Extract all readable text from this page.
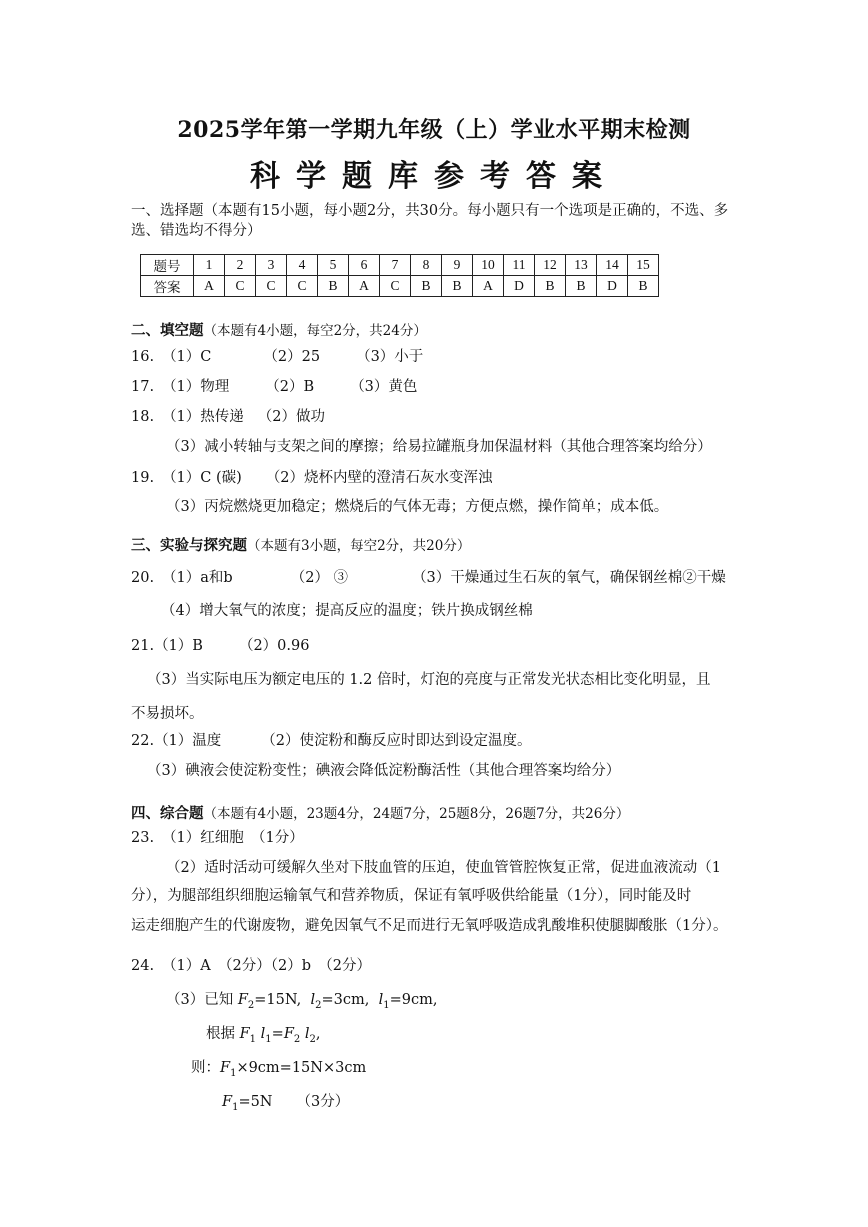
2025学年第一学期九年级（上）学业水平期末检测
科学题库参考答案
一、选择题（本题有15小题，每小题2分，共30分。每小题只有一个选项是正确的，不选、多
选、错选均不得分）
题号	1	2	3	4	5	6	7	8	9	10	11	12	13	14	15
答案	A	C	C	C	B	A	C	B	B	A	D	B	B	D	B
二、填空题（本题有4小题，每空2分，共24分）
16. （1）C	（2）25 （3）小于
17. （1）物理 （2）B （3）黄色
18. （1）热传递 （2）做功
（3）减小转轴与支架之间的摩擦；给易拉罐瓶身加保温材料（其他合理答案均给分）
19. （1）C (碳) （2）烧杯内壁的澄清石灰水变浑浊
（3）丙烷燃烧更加稳定；燃烧后的气体无毒；方便点燃，操作简单；成本低。
三、实验与探究题（本题有3小题，每空2分，共20分）
20. （1）a和b	（2） ③	（3）干燥通过生石灰的氧气，确保钢丝棉②干燥
（4）增大氧气的浓度；提高反应的温度；铁片换成钢丝棉
21.（1）B （2）0.96
（3）当实际电压为额定电压的 1.2 倍时，灯泡的亮度与正常发光状态相比变化明显，且
不易损坏。
22.（1）温度	（2）使淀粉和酶反应时即达到设定温度。
（3）碘液会使淀粉变性；碘液会降低淀粉酶活性（其他合理答案均给分）
四、综合题（本题有4小题，23题4分，24题7分，25题8分，26题7分，共26分）
23. （1）红细胞　（1分）
（2）适时活动可缓解久坐对下肢血管的压迫，使血管管腔恢复正常，促进血液流动（1
分），为腿部组织细胞运输氧气和营养物质，保证有氧呼吸供给能量（1分），同时能及时
运走细胞产生的代谢废物，避免因氧气不足而进行无氧呼吸造成乳酸堆积使腿脚酸胀（1分）。
24. （1）A　（2分）（2）b　（2分）
（3）已知 $F_2=15N$, $l_2=3cm$, $l_1=9cm$,
根据 $F_1$ $l_1=F_2$ $l_2$,
则：$F_1\times 9cm=15N\times 3cm$
$F_1=5N$ （3分）
